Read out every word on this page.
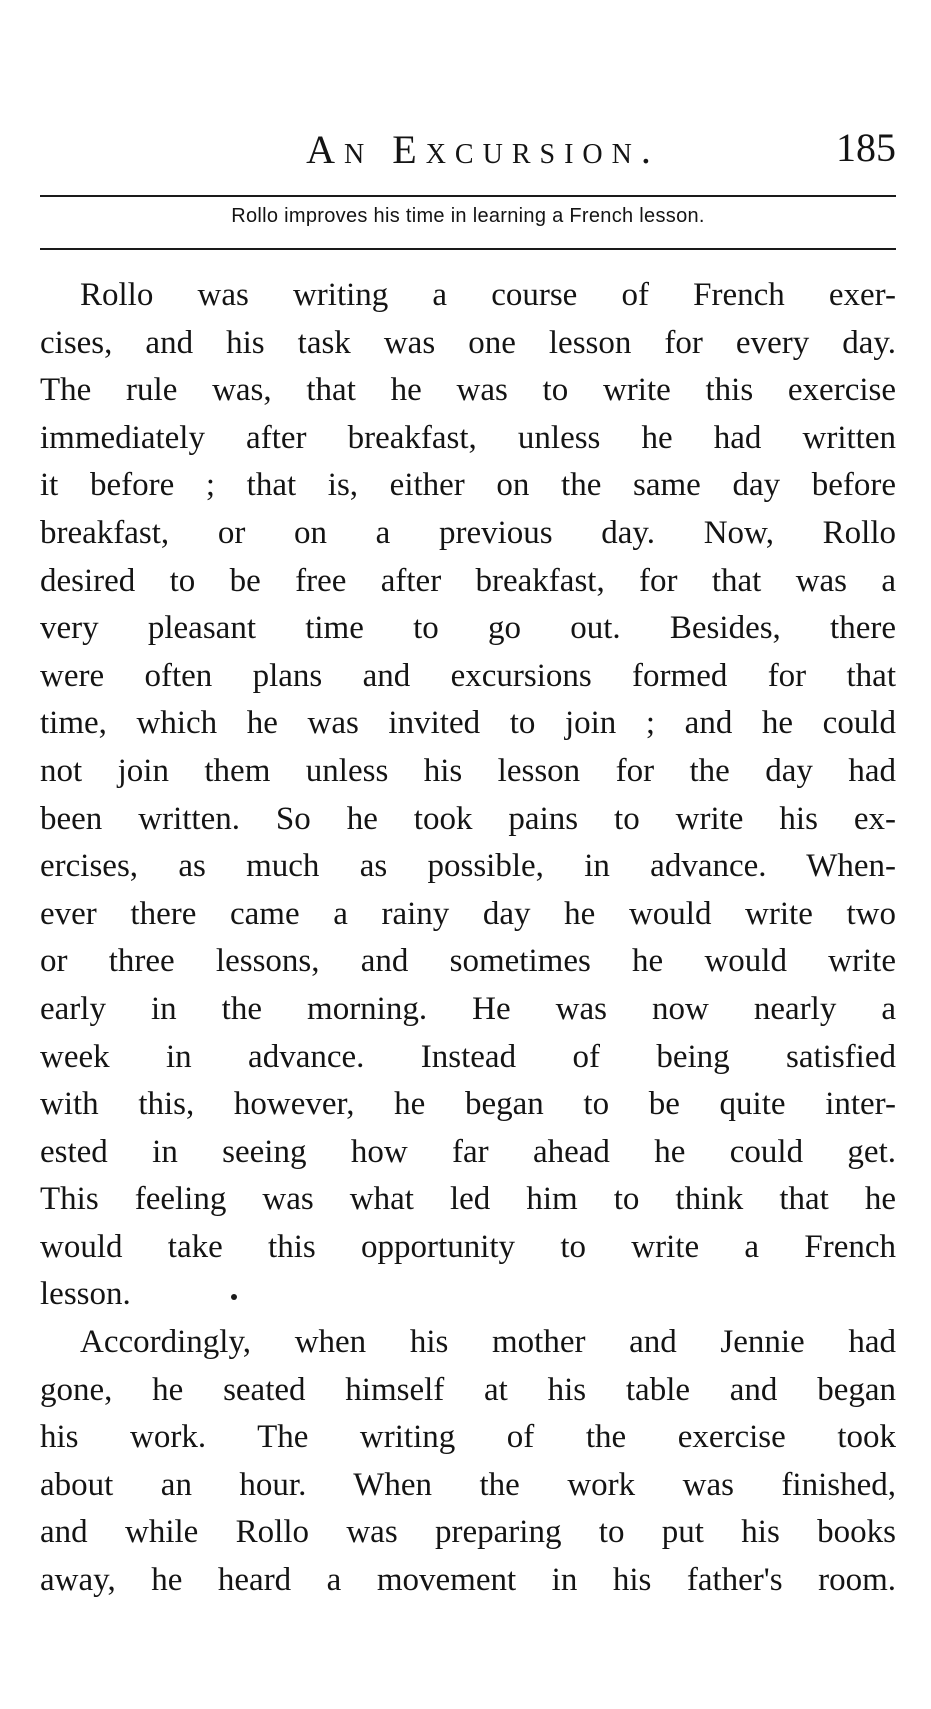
An Excursion.	185
Rollo improves his time in learning a French lesson.
Rollo was writing a course of French exer-
cises, and his task was one lesson for every day.
The rule was, that he was to write this exercise
immediately after breakfast, unless he had written
it before ; that is, either on the same day before
breakfast, or on a previous day. Now, Rollo
desired to be free after breakfast, for that was a
very pleasant time to go out. Besides, there
were often plans and excursions formed for that
time, which he was invited to join ; and he could
not join them unless his lesson for the day had
been written. So he took pains to write his ex-
ercises, as much as possible, in advance. When-
ever there came a rainy day he would write two
or three lessons, and sometimes he would write
early in the morning. He was now nearly a
week in advance. Instead of being satisfied
with this, however, he began to be quite inter-
ested in seeing how far ahead he could get.
This feeling was what led him to think that he
would take this opportunity to write a French
lesson.
Accordingly, when his mother and Jennie had
gone, he seated himself at his table and began
his work. The writing of the exercise took
about an hour. When the work was finished,
and while Rollo was preparing to put his books
away, he heard a movement in his father's room.
